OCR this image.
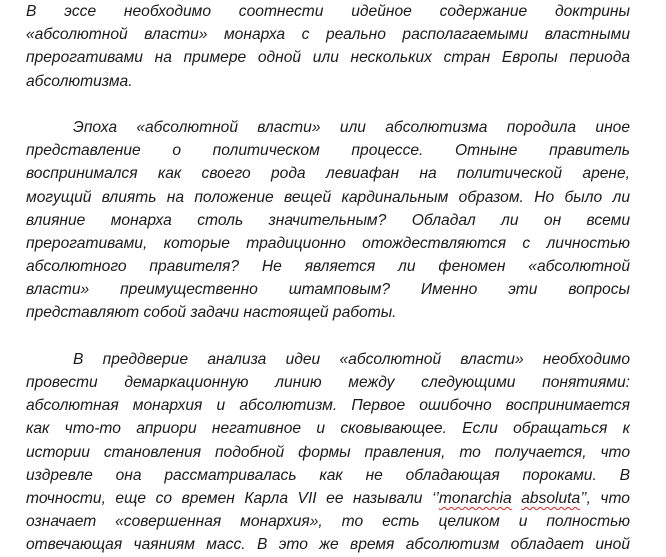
В эссе необходимо соотнести идейное содержание доктрины
«абсолютной власти» монарха с реально располагаемыми властными
прерогативами на примере одной или нескольких стран Европы периода
абсолютизма.
Эпоха «абсолютной власти» или абсолютизма породила иное
представление о политическом процессе. Отныне правитель
воспринимался как своего рода левиафан на политической арене,
могущий влиять на положение вещей кардинальным образом. Но было ли
влияние монарха столь значительным? Обладал ли он всеми
прерогативами, которые традиционно отождествляются с личностью
абсолютного правителя? Не является ли феномен «абсолютной
власти» преимущественно штамповым? Именно эти вопросы
представляют собой задачи настоящей работы.
В преддверие анализа идеи «абсолютной власти» необходимо
провести демаркационную линию между следующими понятиями:
абсолютная монархия и абсолютизм. Первое ошибочно воспринимается
как что-то априори негативное и сковывающее. Если обращаться к
истории становления подобной формы правления, то получается, что
издревле она рассматривалась как не обладающая пороками. В
точности, еще со времен Карла VII ее называли ‘’monarchia absoluta’’, что
означает «совершенная монархия», то есть целиком и полностью
отвечающая чаяниям масс. В это же время абсолютизм обладает иной
